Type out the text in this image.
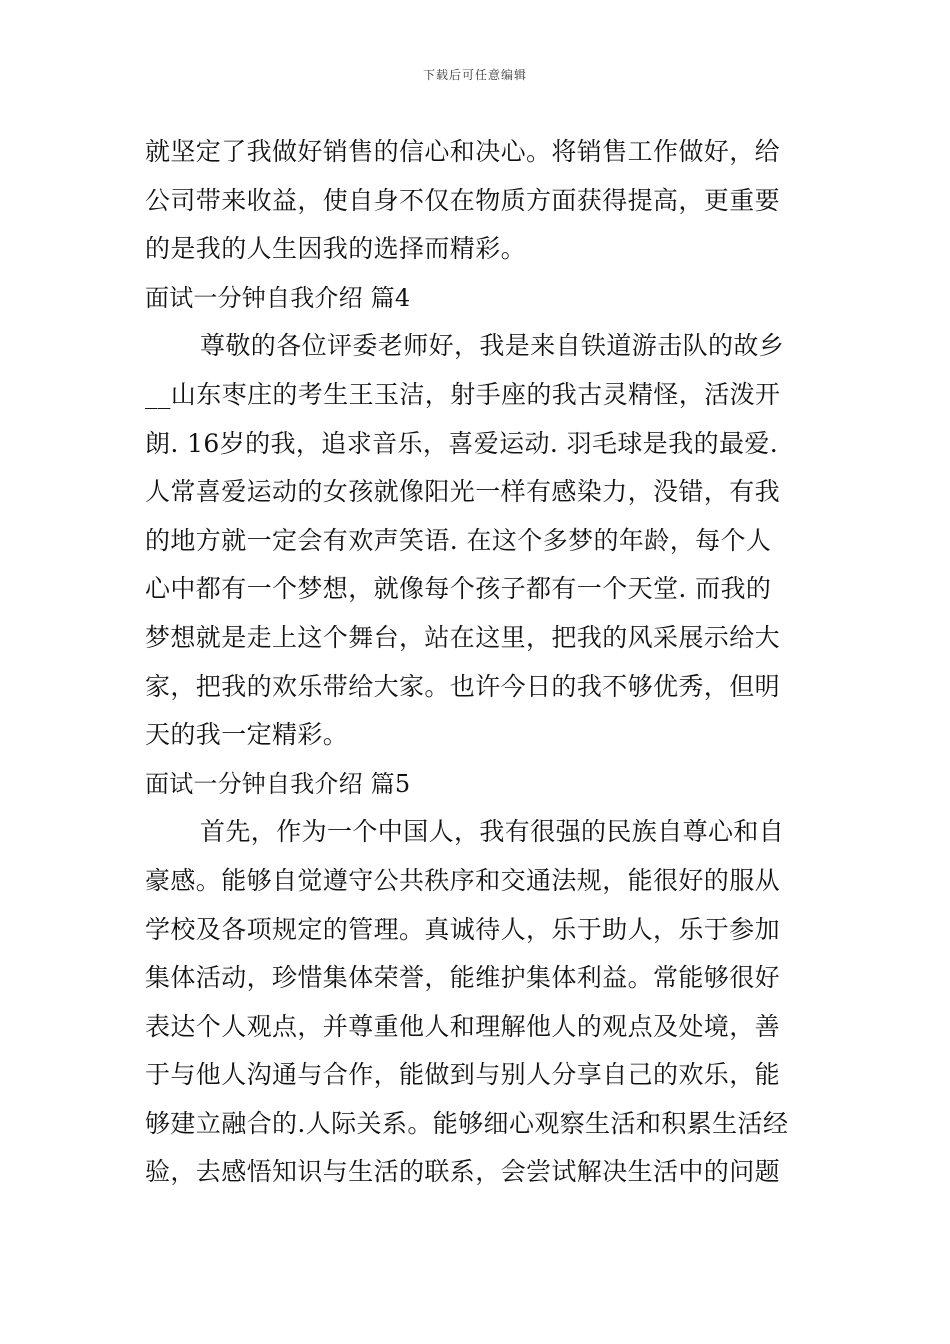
下载后可任意编辑
就坚定了我做好销售的信心和决心。将销售工作做好，给
公司带来收益，使自身不仅在物质方面获得提高，更重要
的是我的人生因我的选择而精彩。
面试一分钟自我介绍 篇4
尊敬的各位评委老师好，我是来自铁道游击队的故乡
__山东枣庄的考生王玉洁，射手座的我古灵精怪，活泼开
朗. 16岁的我，追求音乐，喜爱运动. 羽毛球是我的最爱.
人常喜爱运动的女孩就像阳光一样有感染力，没错，有我
的地方就一定会有欢声笑语. 在这个多梦的年龄，每个人
心中都有一个梦想，就像每个孩子都有一个天堂. 而我的
梦想就是走上这个舞台，站在这里，把我的风采展示给大
家，把我的欢乐带给大家。也许今日的我不够优秀，但明
天的我一定精彩。
面试一分钟自我介绍 篇5
首先，作为一个中国人，我有很强的民族自尊心和自
豪感。能够自觉遵守公共秩序和交通法规，能很好的服从
学校及各项规定的管理。真诚待人，乐于助人，乐于参加
集体活动，珍惜集体荣誉，能维护集体利益。常能够很好
表达个人观点，并尊重他人和理解他人的观点及处境，善
于与他人沟通与合作，能做到与别人分享自己的欢乐，能
够建立融合的.人际关系。能够细心观察生活和积累生活经
验，去感悟知识与生活的联系，会尝试解决生活中的问题
